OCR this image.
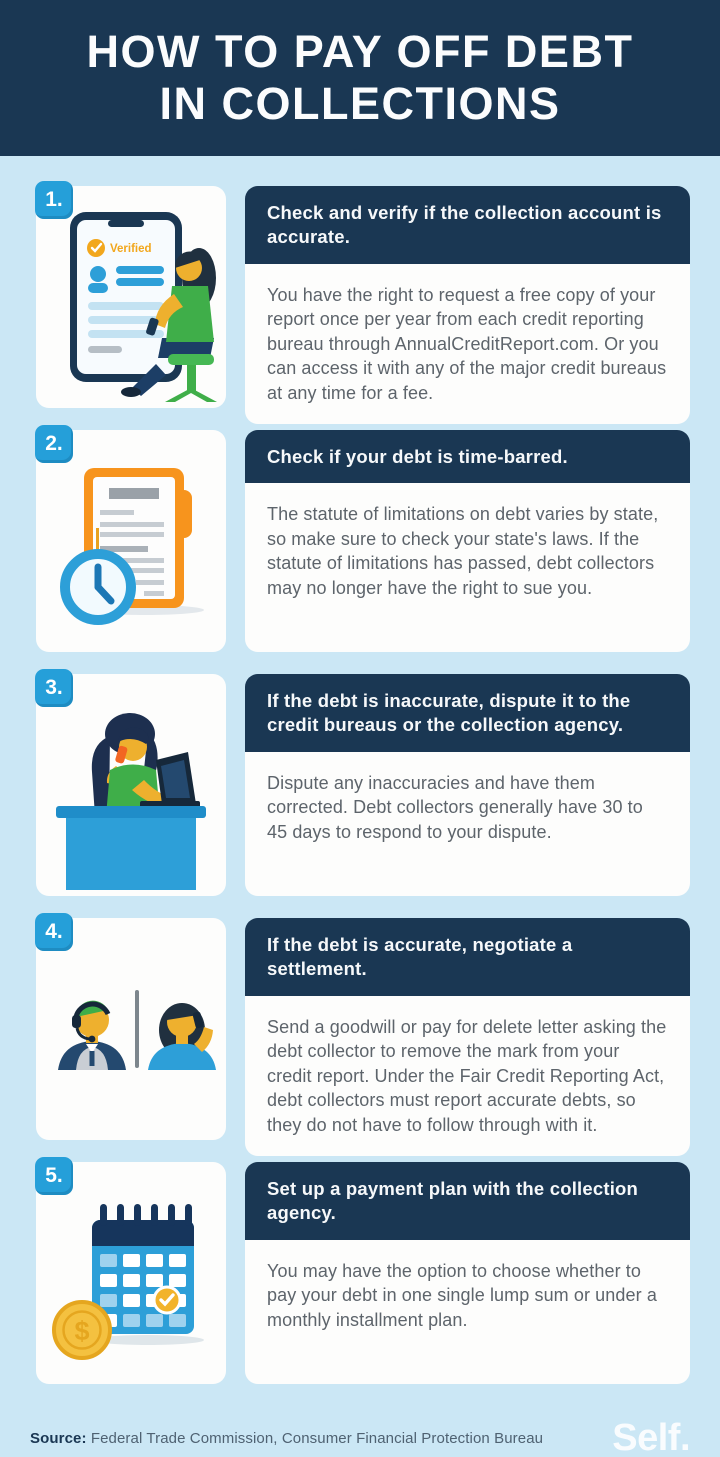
HOW TO PAY OFF DEBT
IN COLLECTIONS
1.
Verified
Check and verify if the collection account is accurate.
You have the right to request a free copy of your report once per year from each credit reporting bureau through AnnualCreditReport.com. Or you can access it with any of the major credit bureaus at any time for a fee.
2.
Check if your debt is time-barred.
The statute of limitations on debt varies by state, so make sure to check your state's laws. If the statute of limitations has passed, debt collectors may no longer have the right to sue you.
3.
If the debt is inaccurate, dispute it to the credit bureaus or the collection agency.
Dispute any inaccuracies and have them corrected. Debt collectors generally have 30 to 45 days to respond to your dispute.
4.
If the debt is accurate, negotiate a settlement.
Send a goodwill or pay for delete letter asking the debt collector to remove the mark from your credit report. Under the Fair Credit Reporting Act, debt collectors must report accurate debts, so they do not have to follow through with it.
5.
$
Set up a payment plan with the collection agency.
You may have the option to choose whether to pay your debt in one single lump sum or under a monthly installment plan.
Source: Federal Trade Commission, Consumer Financial Protection Bureau Self.
